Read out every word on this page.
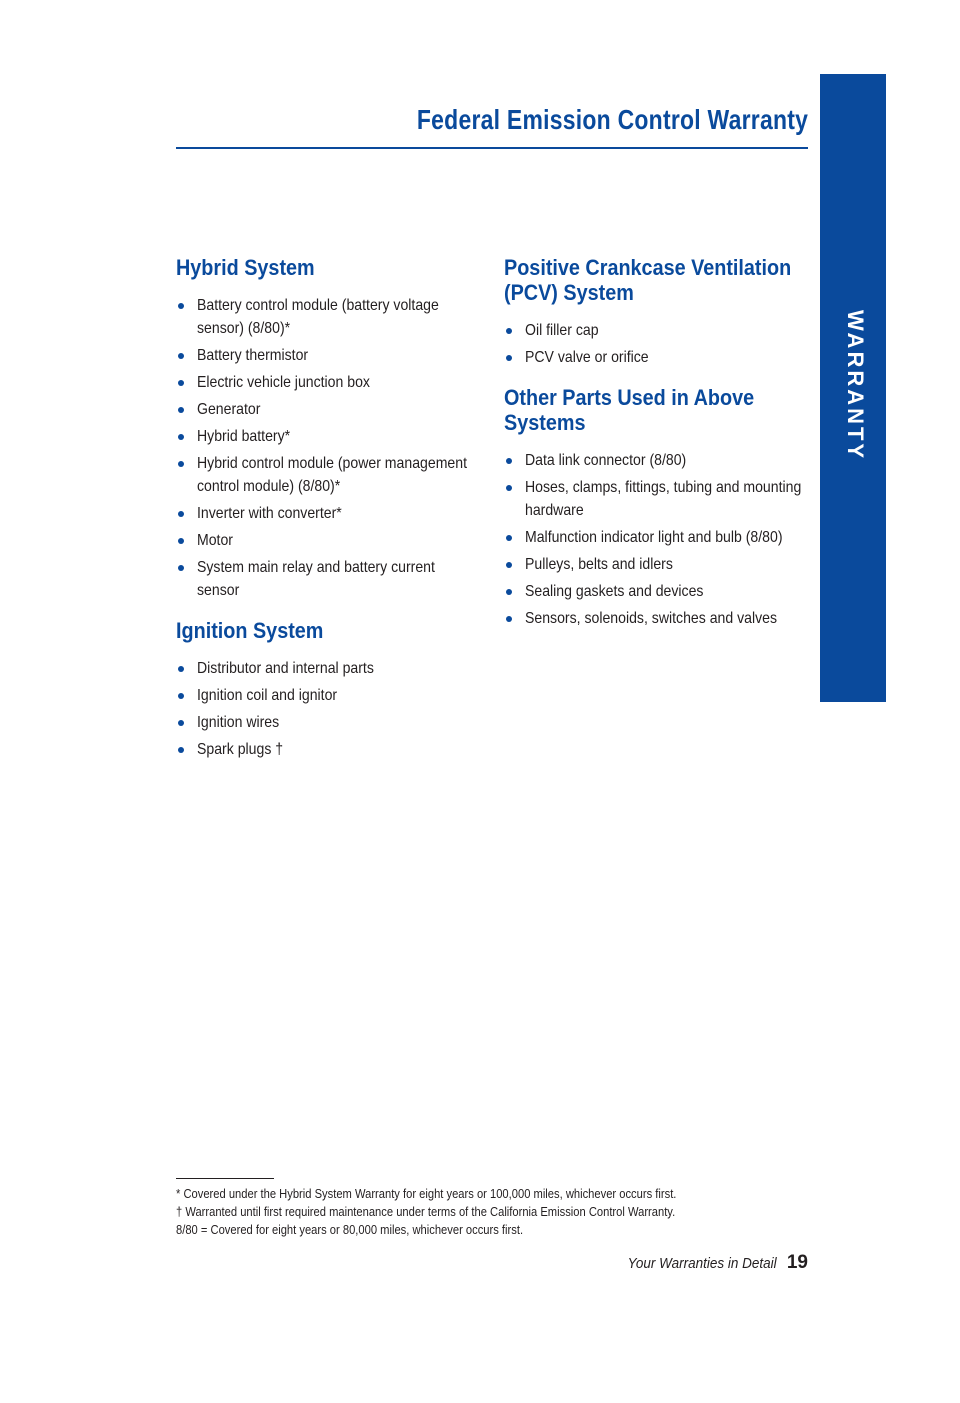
Federal Emission Control Warranty
WARRANTY
Hybrid System
Battery control module (battery voltage sensor) (8/80)*
Battery thermistor
Electric vehicle junction box
Generator
Hybrid battery*
Hybrid control module (power management control module) (8/80)*
Inverter with converter*
Motor
System main relay and battery current sensor
Ignition System
Distributor and internal parts
Ignition coil and ignitor
Ignition wires
Spark plugs †
Positive Crankcase Ventilation (PCV) System
Oil filler cap
PCV valve or orifice
Other Parts Used in Above Systems
Data link connector (8/80)
Hoses, clamps, fittings, tubing and mounting hardware
Malfunction indicator light and bulb (8/80)
Pulleys, belts and idlers
Sealing gaskets and devices
Sensors, solenoids, switches and valves
* Covered under the Hybrid System Warranty for eight years or 100,000 miles, whichever occurs first.
† Warranted until first required maintenance under terms of the California Emission Control Warranty.
8/80 = Covered for eight years or 80,000 miles, whichever occurs first.
Your Warranties in Detail 19
